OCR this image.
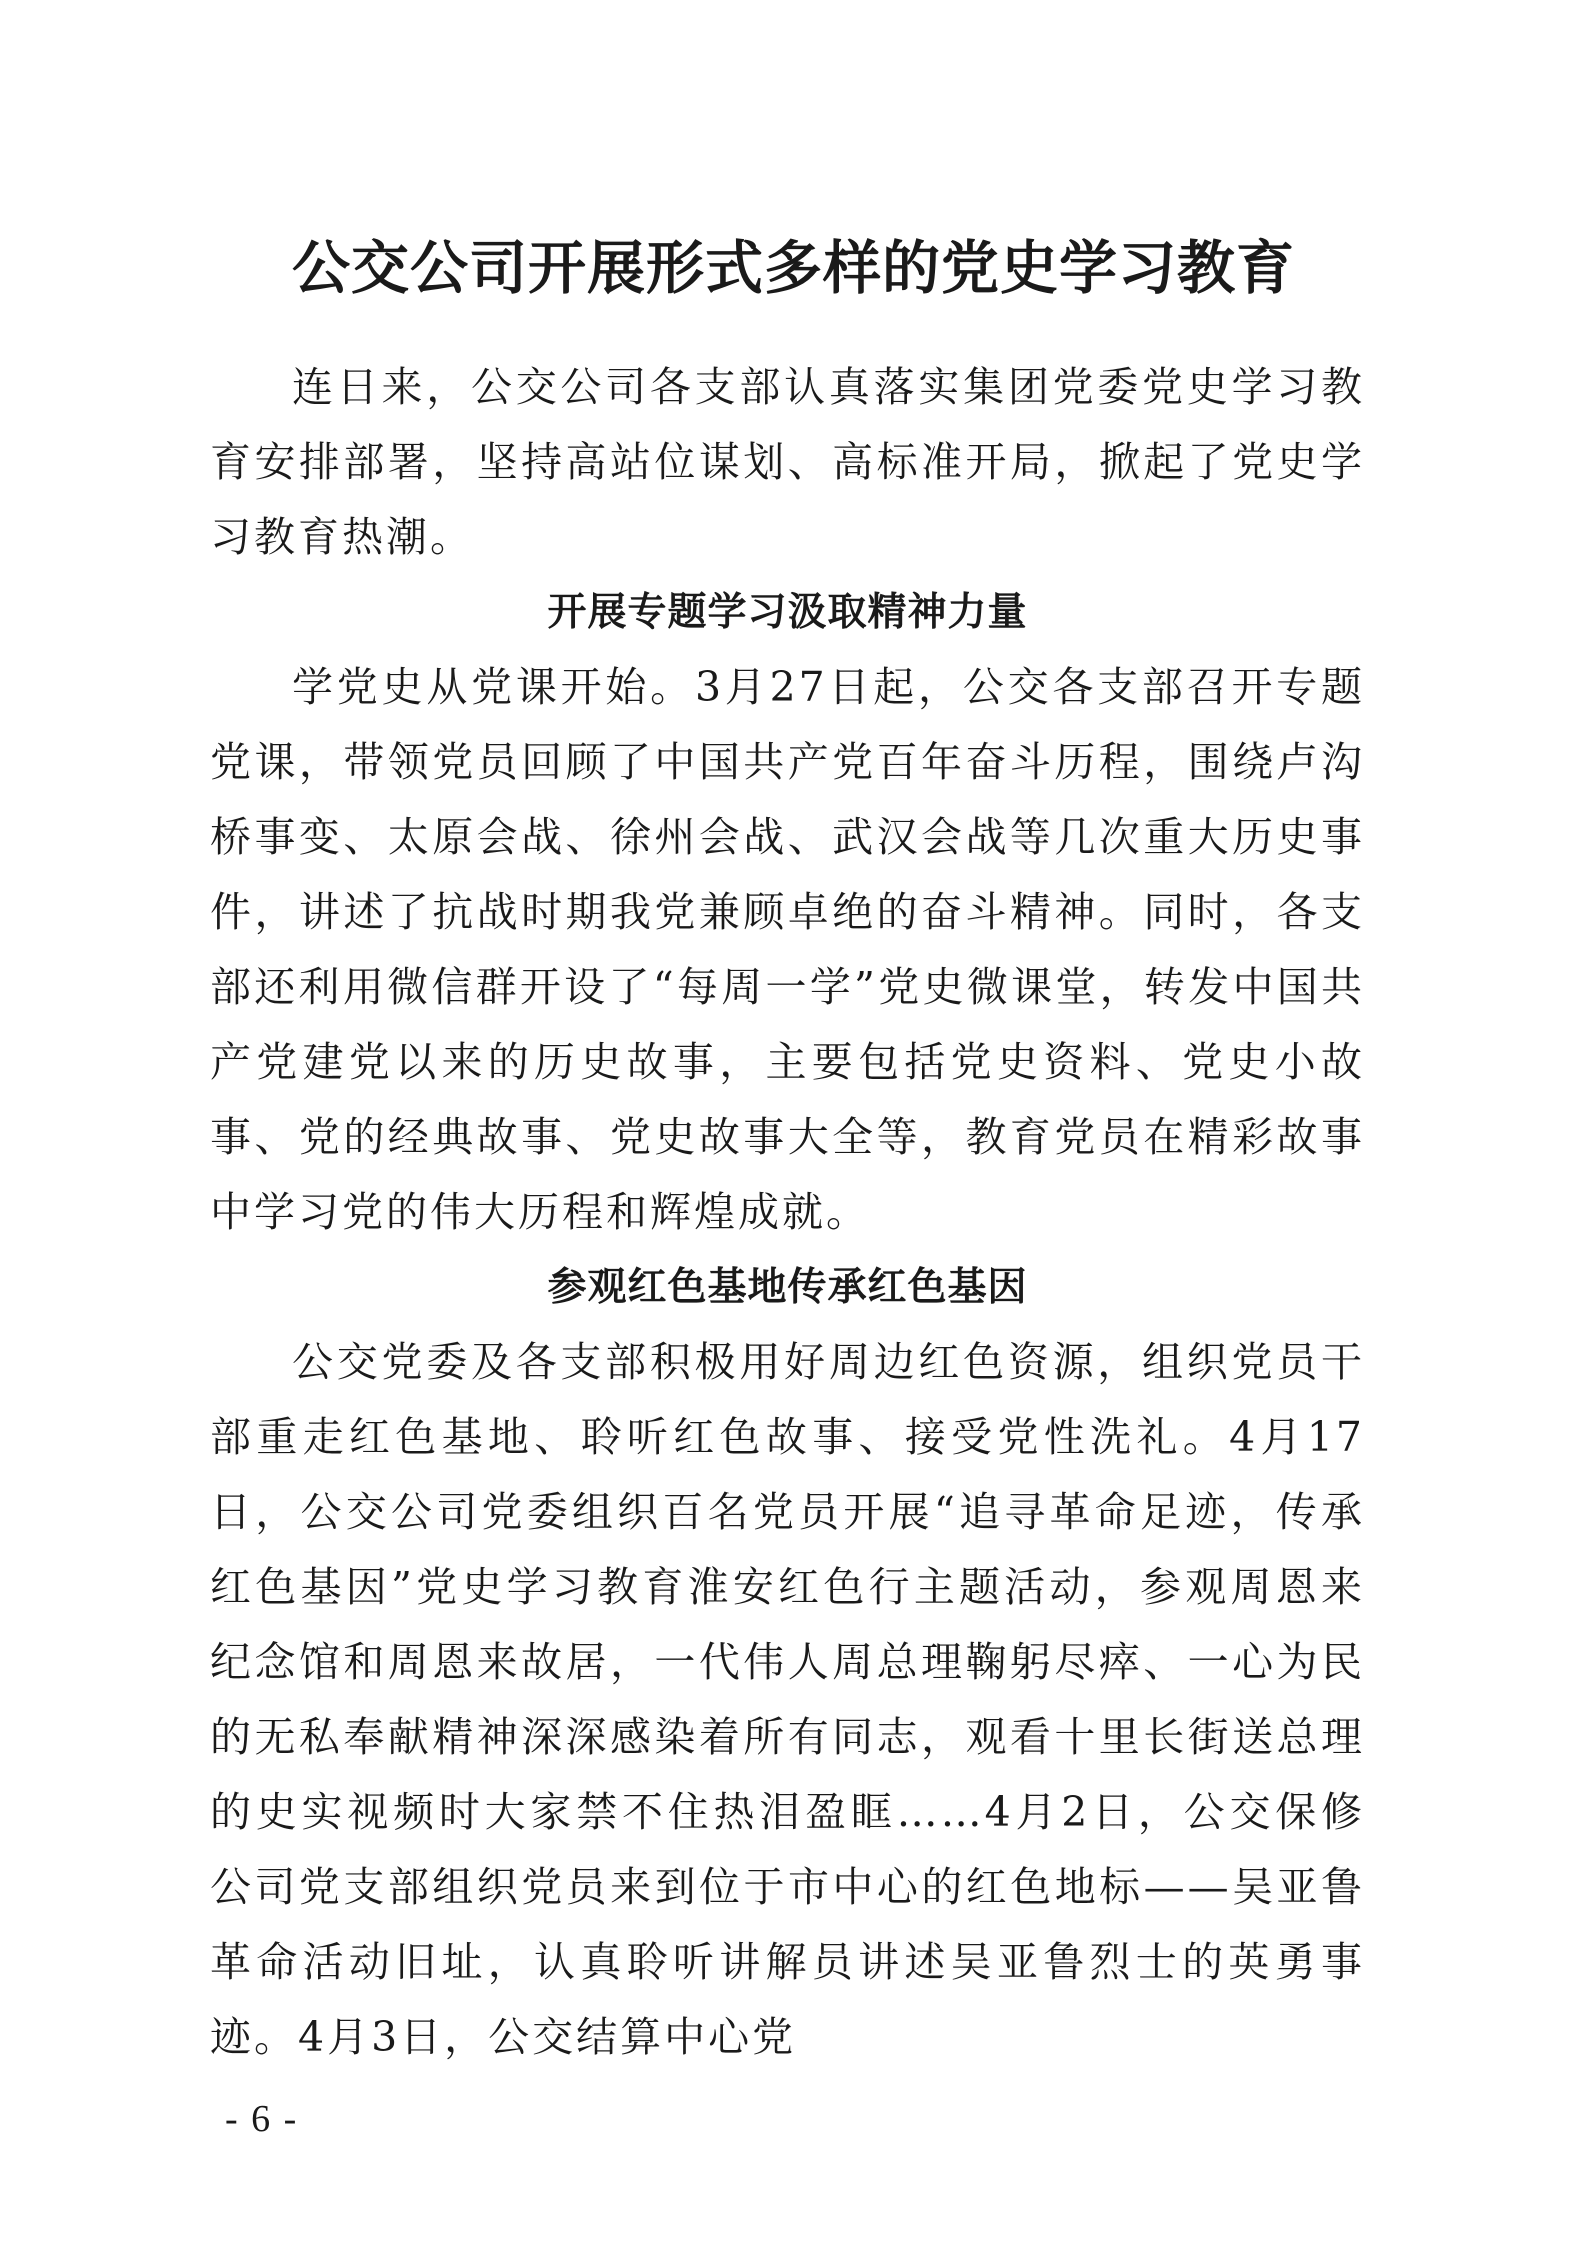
公交公司开展形式多样的党史学习教育

连日来，公交公司各支部认真落实集团党委党史学习教育安排部署，坚持高站位谋划、高标准开局，掀起了党史学习教育热潮。

开展专题学习汲取精神力量

学党史从党课开始。3月27日起，公交各支部召开专题党课，带领党员回顾了中国共产党百年奋斗历程，围绕卢沟桥事变、太原会战、徐州会战、武汉会战等几次重大历史事件，讲述了抗战时期我党兼顾卓绝的奋斗精神。同时，各支部还利用微信群开设了“每周一学”党史微课堂，转发中国共产党建党以来的历史故事，主要包括党史资料、党史小故事、党的经典故事、党史故事大全等，教育党员在精彩故事中学习党的伟大历程和辉煌成就。

参观红色基地传承红色基因

公交党委及各支部积极用好周边红色资源，组织党员干部重走红色基地、聆听红色故事、接受党性洗礼。4月17日，公交公司党委组织百名党员开展“追寻革命足迹，传承红色基因”党史学习教育淮安红色行主题活动，参观周恩来纪念馆和周恩来故居，一代伟人周总理鞠躬尽瘁、一心为民的无私奉献精神深深感染着所有同志，观看十里长街送总理的史实视频时大家禁不住热泪盈眶……4月2日，公交保修公司党支部组织党员来到位于市中心的红色地标——吴亚鲁革命活动旧址，认真聆听讲解员讲述吴亚鲁烈士的英勇事迹。4月3日，公交结算中心党

- 6 -
